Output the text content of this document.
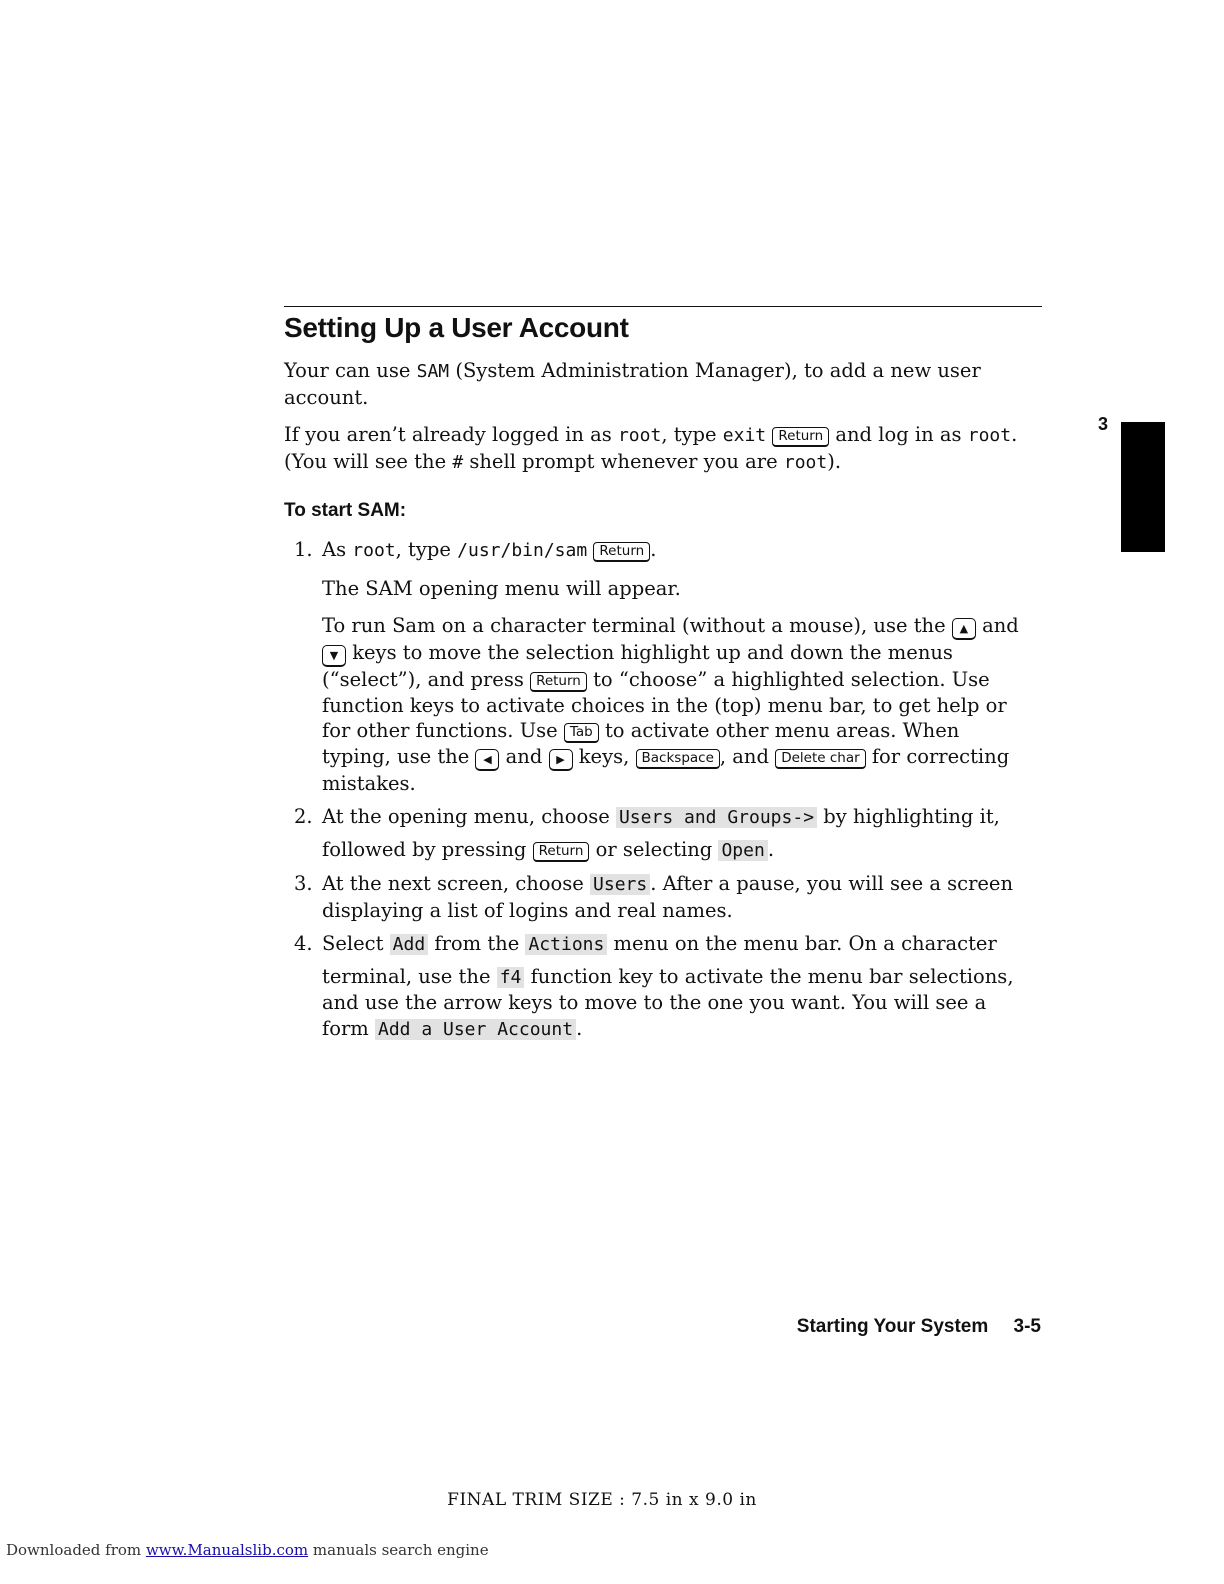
Setting Up a User Account

Your can use SAM (System Administration Manager), to add a new user account.

If you aren’t already logged in as root, type exit Return and log in as root. (You will see the # shell prompt whenever you are root).

To start SAM:
1. As root, type /usr/bin/sam Return .

The SAM opening menu will appear.

To run Sam on a character terminal (without a mouse), use the ▲ and ▼ keys to move the selection highlight up and down the menus (“select”), and press Return to “choose” a highlighted selection. Use function keys to activate choices in the (top) menu bar, to get help or for other functions. Use Tab to activate other menu areas. When typing, use the ◀ and ▶ keys, Backspace , and Delete char for correcting mistakes.

2. At the opening menu, choose Users and Groups-> by highlighting it,

followed by pressing Return or selecting Open .

3. At the next screen, choose Users . After a pause, you will see a screen displaying a list of logins and real names.

4. Select Add from the Actions menu on the menu bar. On a character

terminal, use the f4 function key to activate the menu bar selections, and use the arrow keys to move to the one you want. You will see a form Add a User Account .

3
Starting Your System 3-5
FINAL TRIM SIZE : 7.5 in x 9.0 in
Downloaded from www.Manualslib.com manuals search engine
